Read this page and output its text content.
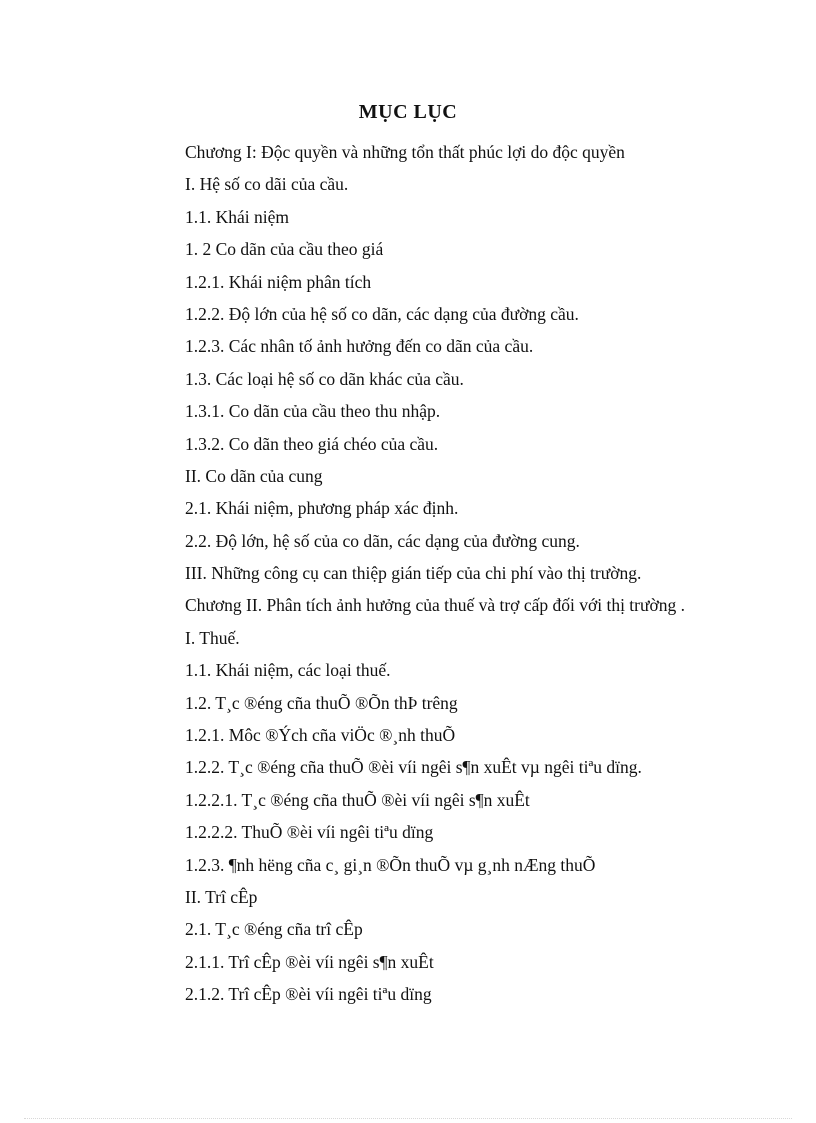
MỤC LỤC
Chương I: Độc quyền và những tổn thất phúc lợi do độc quyền
I. Hệ số co dãi của cầu.
1.1. Khái niệm
1. 2 Co dãn của cầu theo giá
1.2.1. Khái niệm phân tích
1.2.2. Độ lớn của hệ số co dãn, các dạng của đường cầu.
1.2.3. Các nhân tố ảnh hưởng đến co dãn của cầu.
1.3. Các loại hệ số co dãn khác của cầu.
1.3.1. Co dãn của cầu theo thu nhập.
1.3.2. Co dãn theo giá chéo của cầu.
II. Co dãn của cung
2.1. Khái niệm, phương pháp xác định.
2.2. Độ lớn, hệ số của co dãn, các dạng của đường cung.
III. Những công cụ can thiệp gián tiếp của chi phí vào thị trường.
Chương II. Phân tích ảnh hưởng của thuế và trợ cấp đối với thị trường .
I. Thuế.
1.1. Khái niệm, các loại thuế.
1.2. T¸c ®éng cña thuÕ ®Õn thÞ trêng
1.2.1. Môc ®Ých cña viÖc ®¸nh thuÕ
1.2.2. T¸c ®éng cña thuÕ ®èi víi ngêi s¶n xuÊt vµ ngêi tiªu dïng.
1.2.2.1. T¸c ®éng cña thuÕ ®èi víi ngêi s¶n xuÊt
1.2.2.2. ThuÕ ®èi víi ngêi tiªu dïng
1.2.3. ¶nh hëng cña c¸ gi¸n ®Õn thuÕ vµ g¸nh nÆng thuÕ
II. Trî cÊp
2.1. T¸c ®éng cña trî cÊp
2.1.1. Trî cÊp ®èi víi ngêi s¶n xuÊt
2.1.2. Trî cÊp ®èi víi ngêi tiªu dïng
